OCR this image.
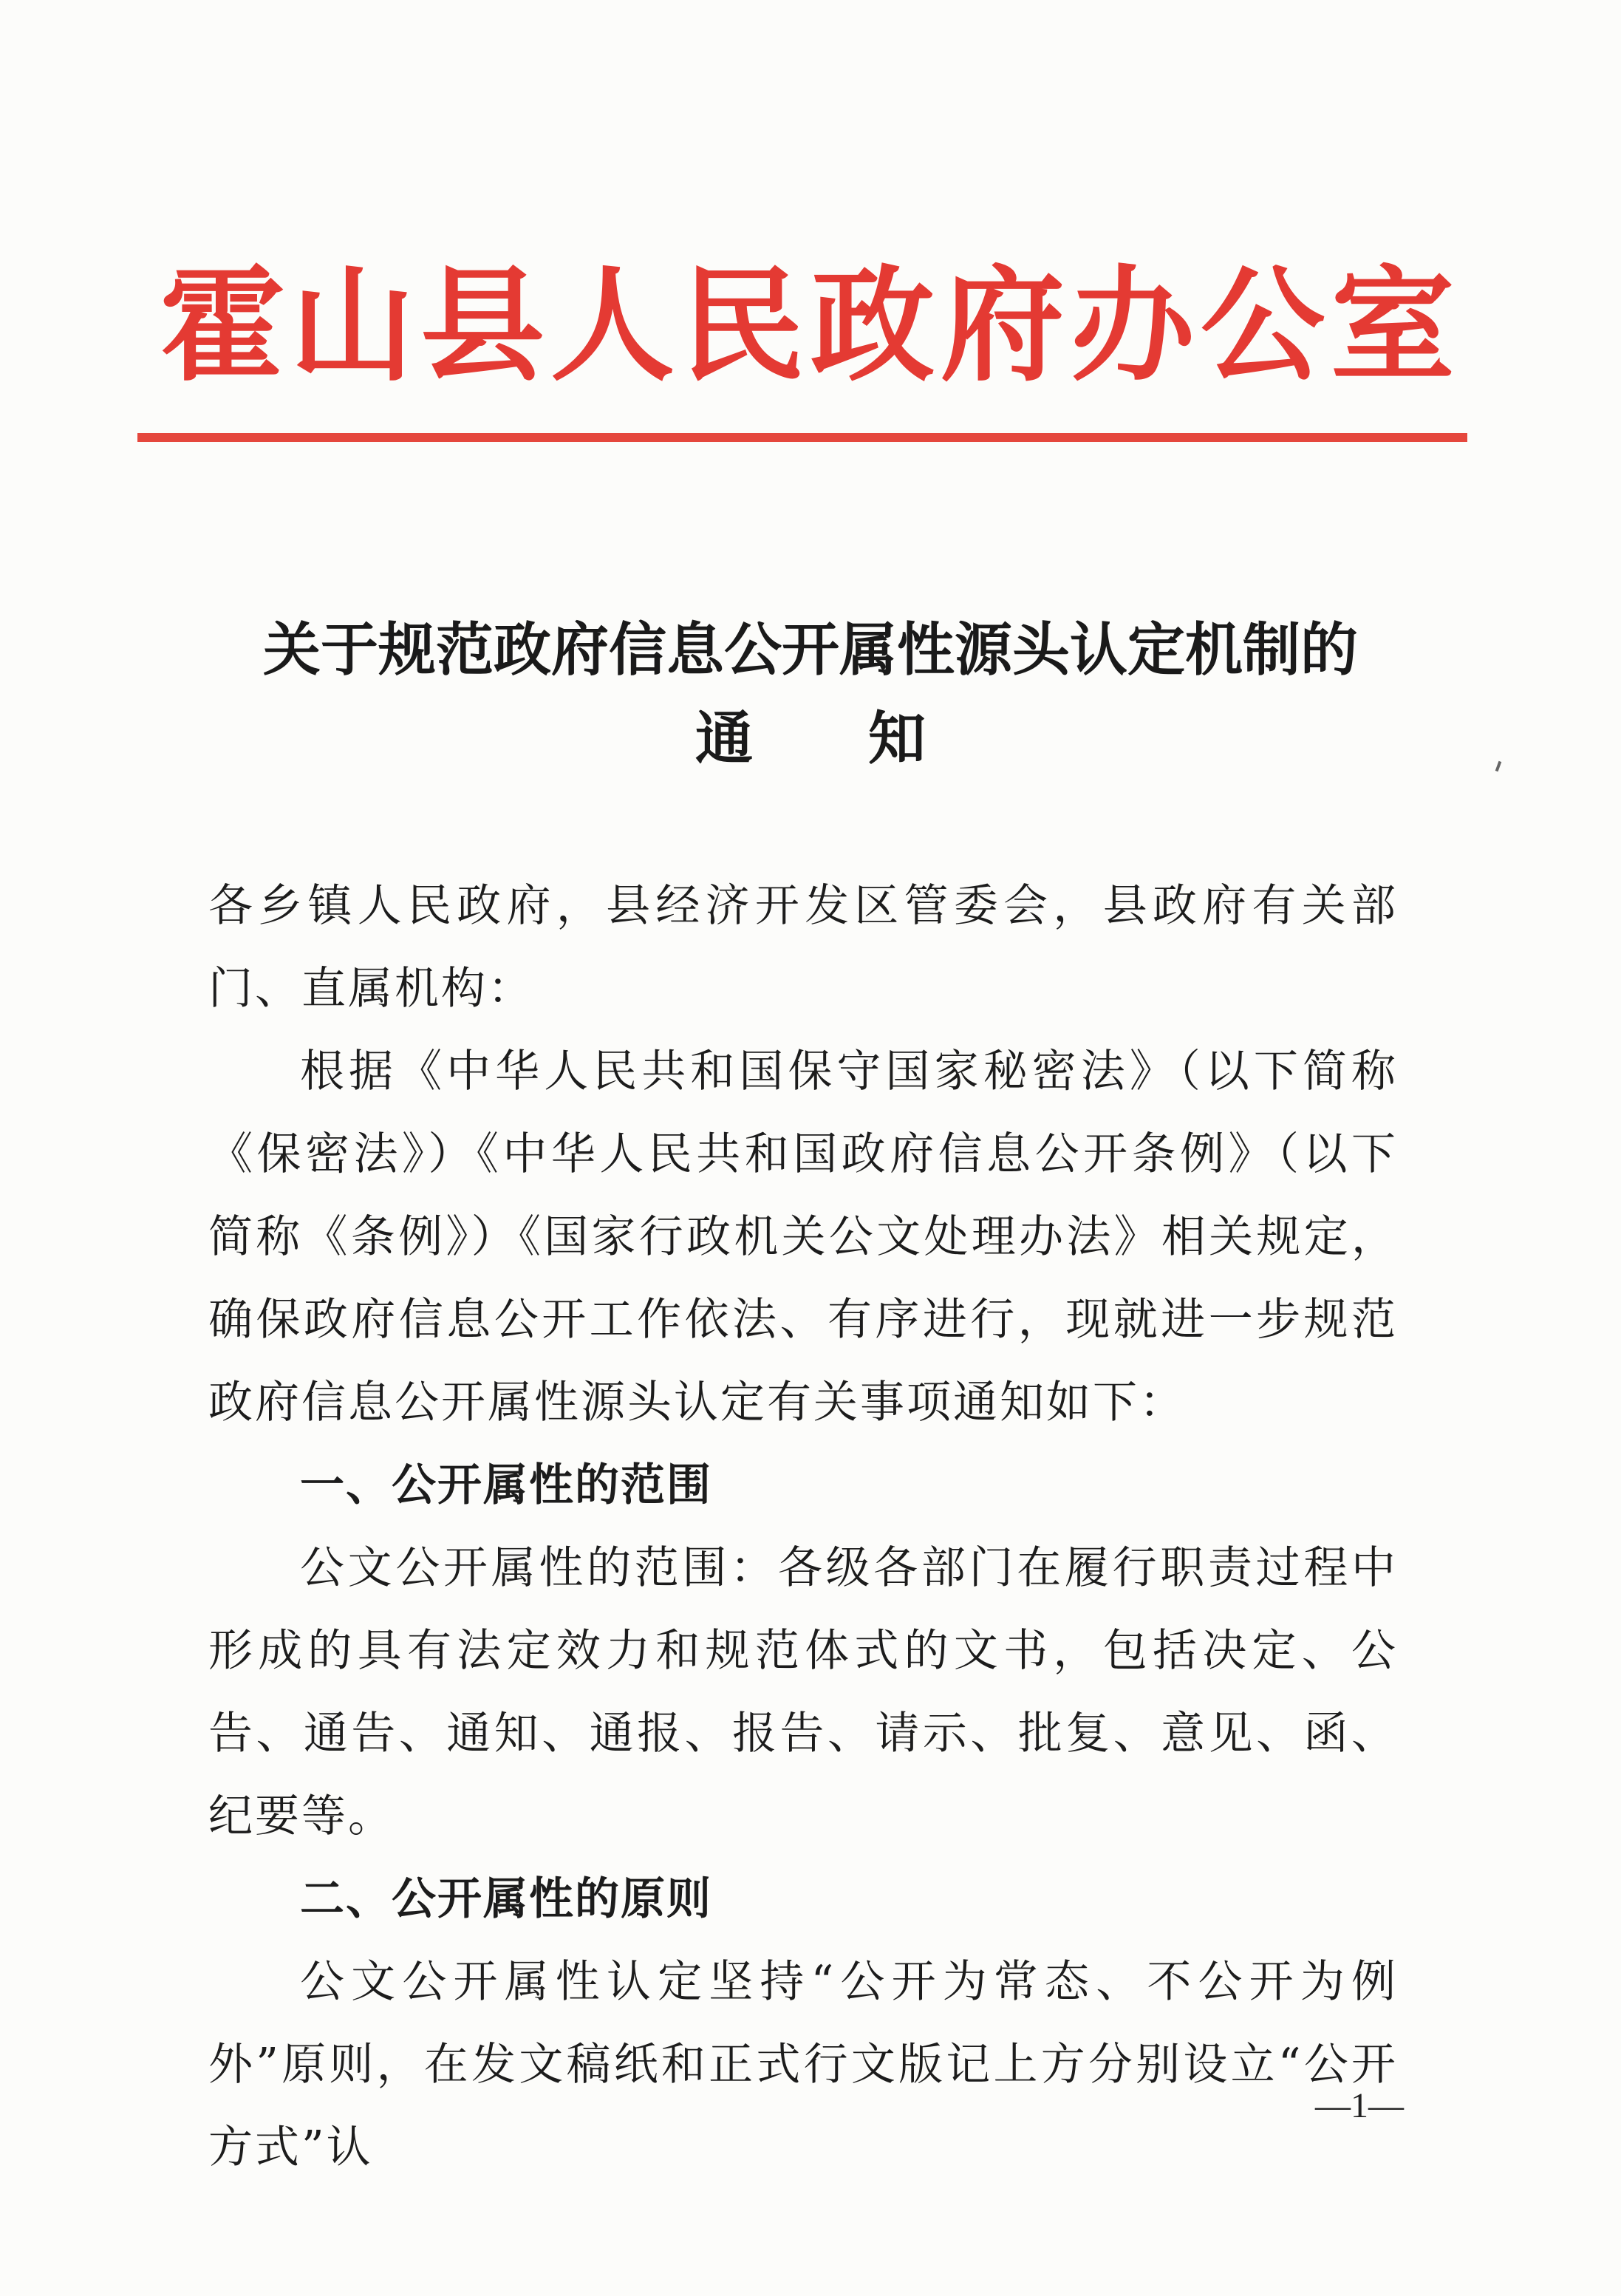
霍山县人民政府办公室
关于规范政府信息公开属性源头认定机制的
通　　知

各乡镇人民政府，县经济开发区管委会，县政府有关部门、直属机构：

根据《中华人民共和国保守国家秘密法》（以下简称《保密法》）《中华人民共和国政府信息公开条例》（以下简称《条例》）《国家行政机关公文处理办法》相关规定，确保政府信息公开工作依法、有序进行，现就进一步规范政府信息公开属性源头认定有关事项通知如下：

一、公开属性的范围

公文公开属性的范围：各级各部门在履行职责过程中形成的具有法定效力和规范体式的文书，包括决定、公告、通告、通知、通报、报告、请示、批复、意见、函、纪要等。

二、公开属性的原则

公文公开属性认定坚持“公开为常态、不公开为例外”原则，在发文稿纸和正式行文版记上方分别设立“公开方式”认

—1—
